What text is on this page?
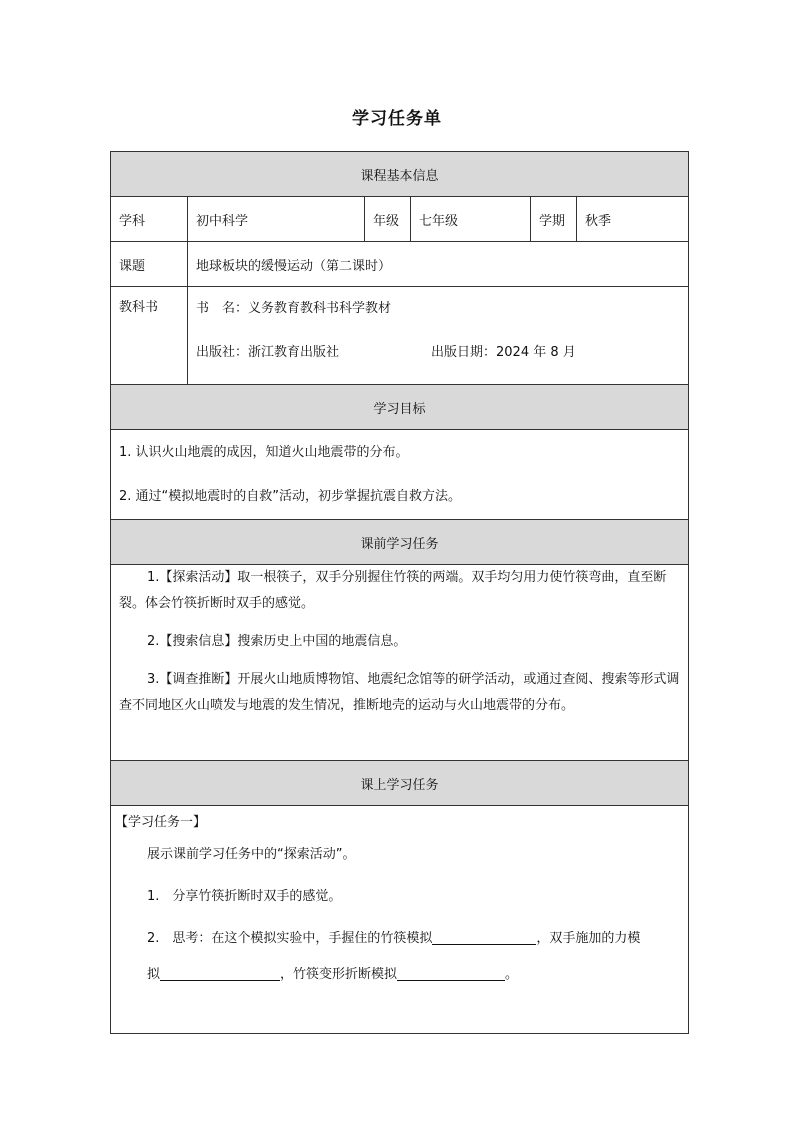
学习任务单
课程基本信息					
学科	初中科学	年级	七年级	学期	秋季
课题	地球板块的缓慢运动（第二课时）				
教科书	书　名：义务教育教科书科学教材
出版社：浙江教育出版社 出版日期：2024 年 8 月				

学习目标					

1. 认识火山地震的成因，知道火山地震带的分布。
2. 通过“模拟地震时的自救”活动，初步掌握抗震自救方法。					

课前学习任务					

1.【探索活动】取一根筷子，双手分别握住竹筷的两端。双手均匀用力使竹筷弯曲，直至断裂。体会竹筷折断时双手的感觉。

2.【搜索信息】搜索历史上中国的地震信息。

3.【调查推断】开展火山地质博物馆、地震纪念馆等的研学活动，或通过查阅、搜索等形式调查不同地区火山喷发与地震的发生情况，推断地壳的运动与火山地震带的分布。					

课上学习任务					

【学习任务一】
展示课前学习任务中的“探索活动”。
1.　分享竹筷折断时双手的感觉。
2.　思考：在这个模拟实验中，手握住的竹筷模拟 ，双手施加的力模
拟 ，竹筷变形折断模拟 。					
